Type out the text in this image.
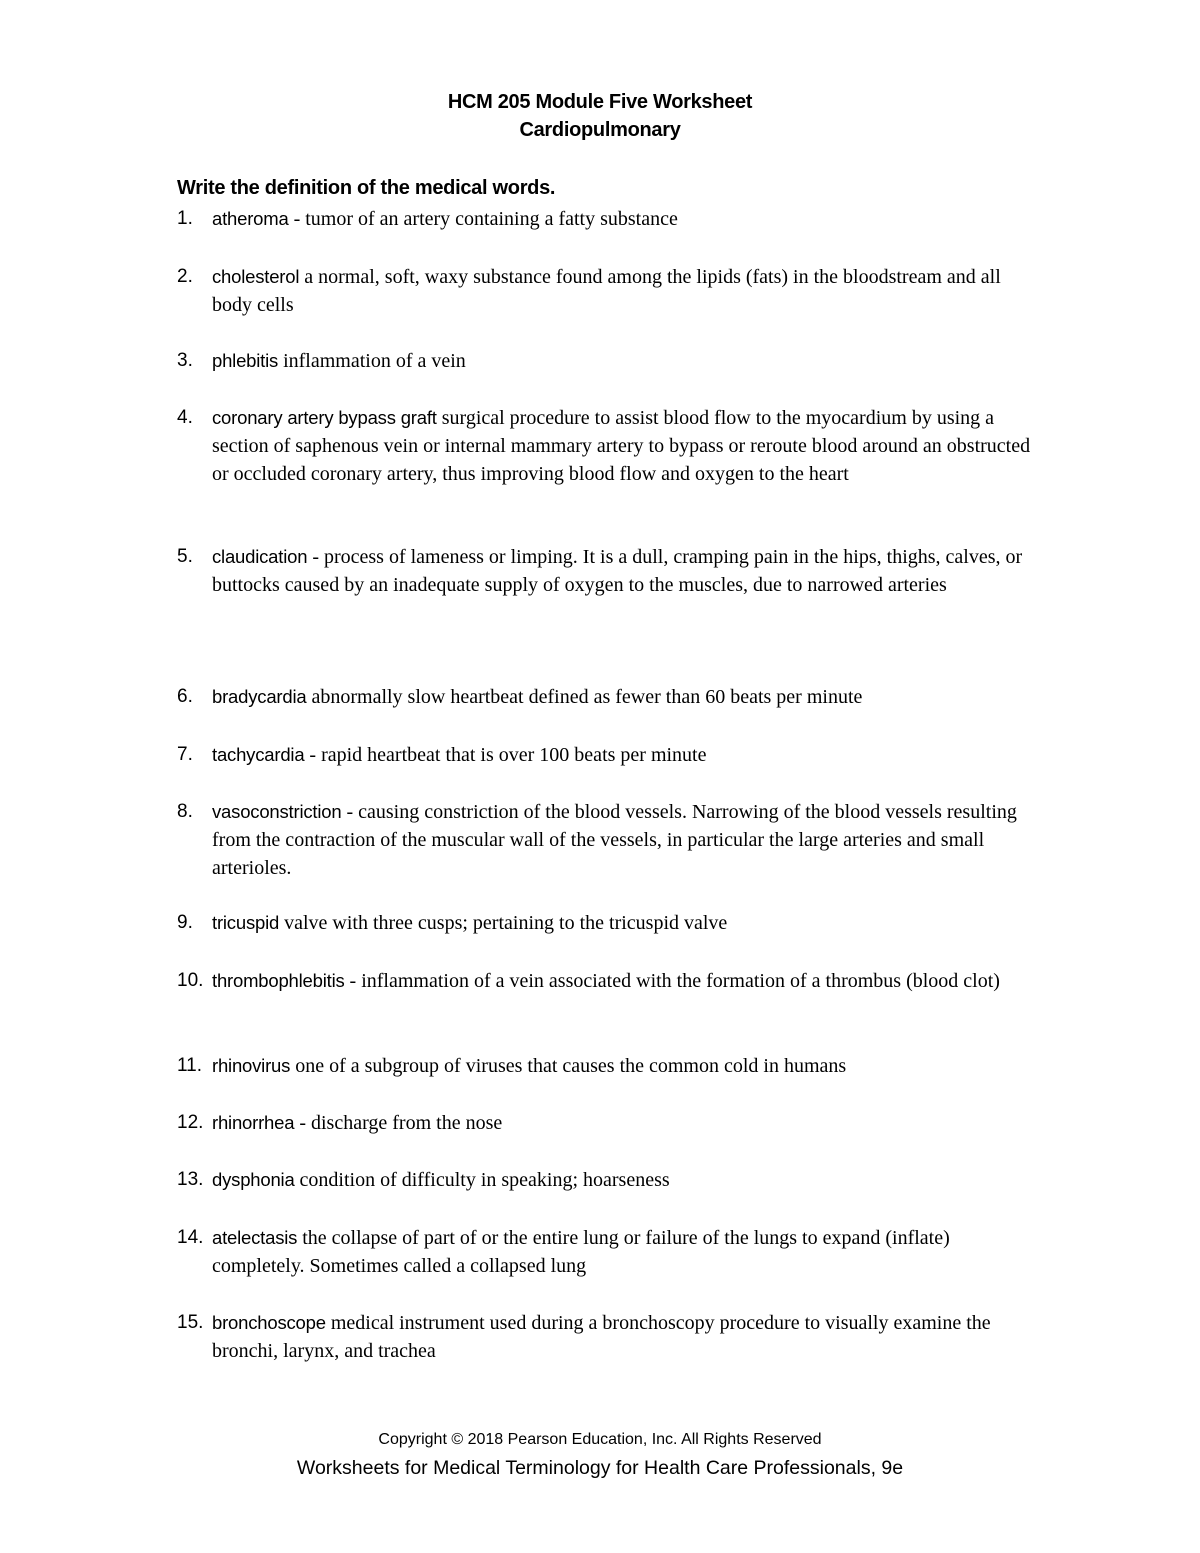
HCM 205 Module Five Worksheet
Cardiopulmonary
Write the definition of the medical words.
1. atheroma - tumor of an artery containing a fatty substance
2. cholesterol a normal, soft, waxy substance found among the lipids (fats) in the bloodstream and all body cells
3. phlebitis inflammation of a vein
4. coronary artery bypass graft surgical procedure to assist blood flow to the myocardium by using a section of saphenous vein or internal mammary artery to bypass or reroute blood around an obstructed or occluded coronary artery, thus improving blood flow and oxygen to the heart
5. claudication - process of lameness or limping. It is a dull, cramping pain in the hips, thighs, calves, or buttocks caused by an inadequate supply of oxygen to the muscles, due to narrowed arteries
6. bradycardia abnormally slow heartbeat defined as fewer than 60 beats per minute
7. tachycardia - rapid heartbeat that is over 100 beats per minute
8. vasoconstriction - causing constriction of the blood vessels. Narrowing of the blood vessels resulting from the contraction of the muscular wall of the vessels, in particular the large arteries and small arterioles.
9. tricuspid valve with three cusps; pertaining to the tricuspid valve
10. thrombophlebitis - inflammation of a vein associated with the formation of a thrombus (blood clot)
11. rhinovirus one of a subgroup of viruses that causes the common cold in humans
12. rhinorrhea - discharge from the nose
13. dysphonia condition of difficulty in speaking; hoarseness
14. atelectasis the collapse of part of or the entire lung or failure of the lungs to expand (inflate) completely. Sometimes called a collapsed lung
15. bronchoscope medical instrument used during a bronchoscopy procedure to visually examine the bronchi, larynx, and trachea
Copyright © 2018 Pearson Education, Inc. All Rights Reserved
Worksheets for Medical Terminology for Health Care Professionals, 9e
